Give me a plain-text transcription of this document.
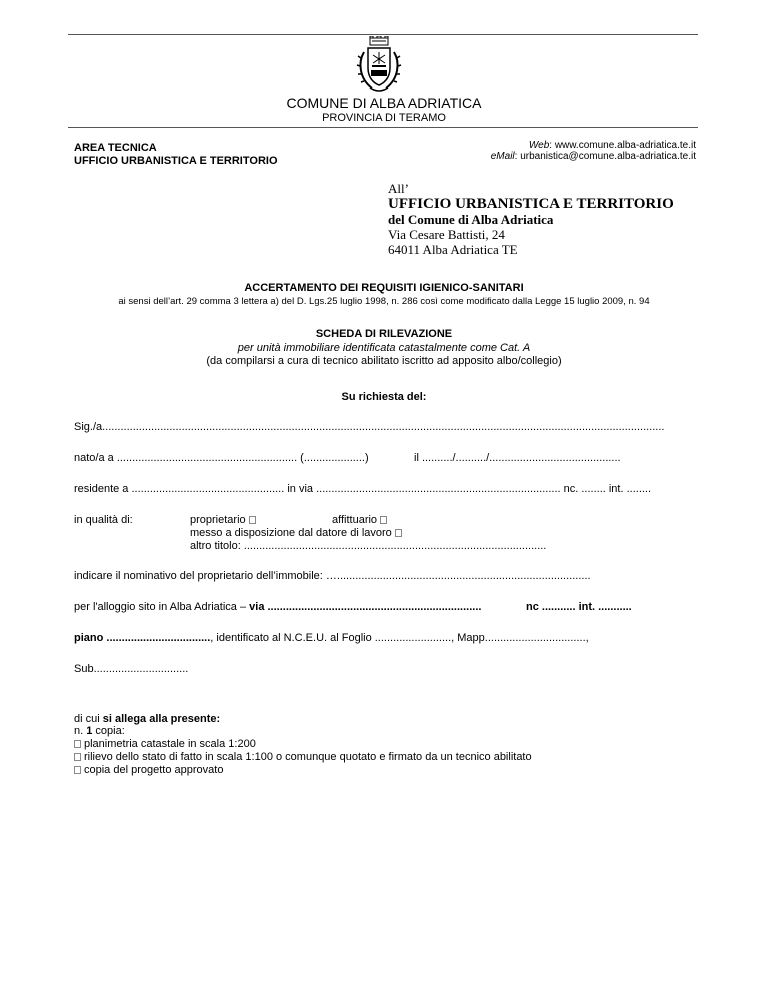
COMUNE DI ALBA ADRIATICA
PROVINCIA DI TERAMO
AREA TECNICA
UFFICIO URBANISTICA E TERRITORIO
Web: www.comune.alba-adriatica.te.it
eMail: urbanistica@comune.alba-adriatica.te.it
All’
UFFICIO URBANISTICA E TERRITORIO
del Comune di Alba Adriatica
Via Cesare Battisti, 24
64011 Alba Adriatica TE
ACCERTAMENTO DEI REQUISITI IGIENICO-SANITARI
ai sensi dell’art. 29 comma 3 lettera a) del D. Lgs.25 luglio 1998, n. 286 così come modificato dalla Legge 15 luglio 2009, n. 94
SCHEDA DI RILEVAZIONE
per unità immobiliare identificata catastalmente come Cat. A
(da compilarsi a cura di tecnico abilitato iscritto ad apposito albo/collegio)
Su richiesta del:
Sig./a........................................................................................................................................................................................
nato/a a ........................................................... (....................)	il ........../........../...........................................
residente a .................................................. in via ................................................................................ nc. ........ int. ........
in qualità di:	proprietario	affittuario
messo a disposizione dal datore di lavoro
altro titolo: ...................................................................................................
indicare il nominativo del proprietario dell’immobile: …...................................................................................
per l'alloggio sito in Alba Adriatica – via ......................................................................	nc ........... int. ...........
piano .................................., identificato al N.C.E.U. al Foglio ........................., Mapp.................................,
Sub...............................
di cui si allega alla presente:
n. 1 copia:
planimetria catastale in scala 1:200
rilievo dello stato di fatto in scala 1:100 o comunque quotato e firmato da un tecnico abilitato
copia del progetto approvato
